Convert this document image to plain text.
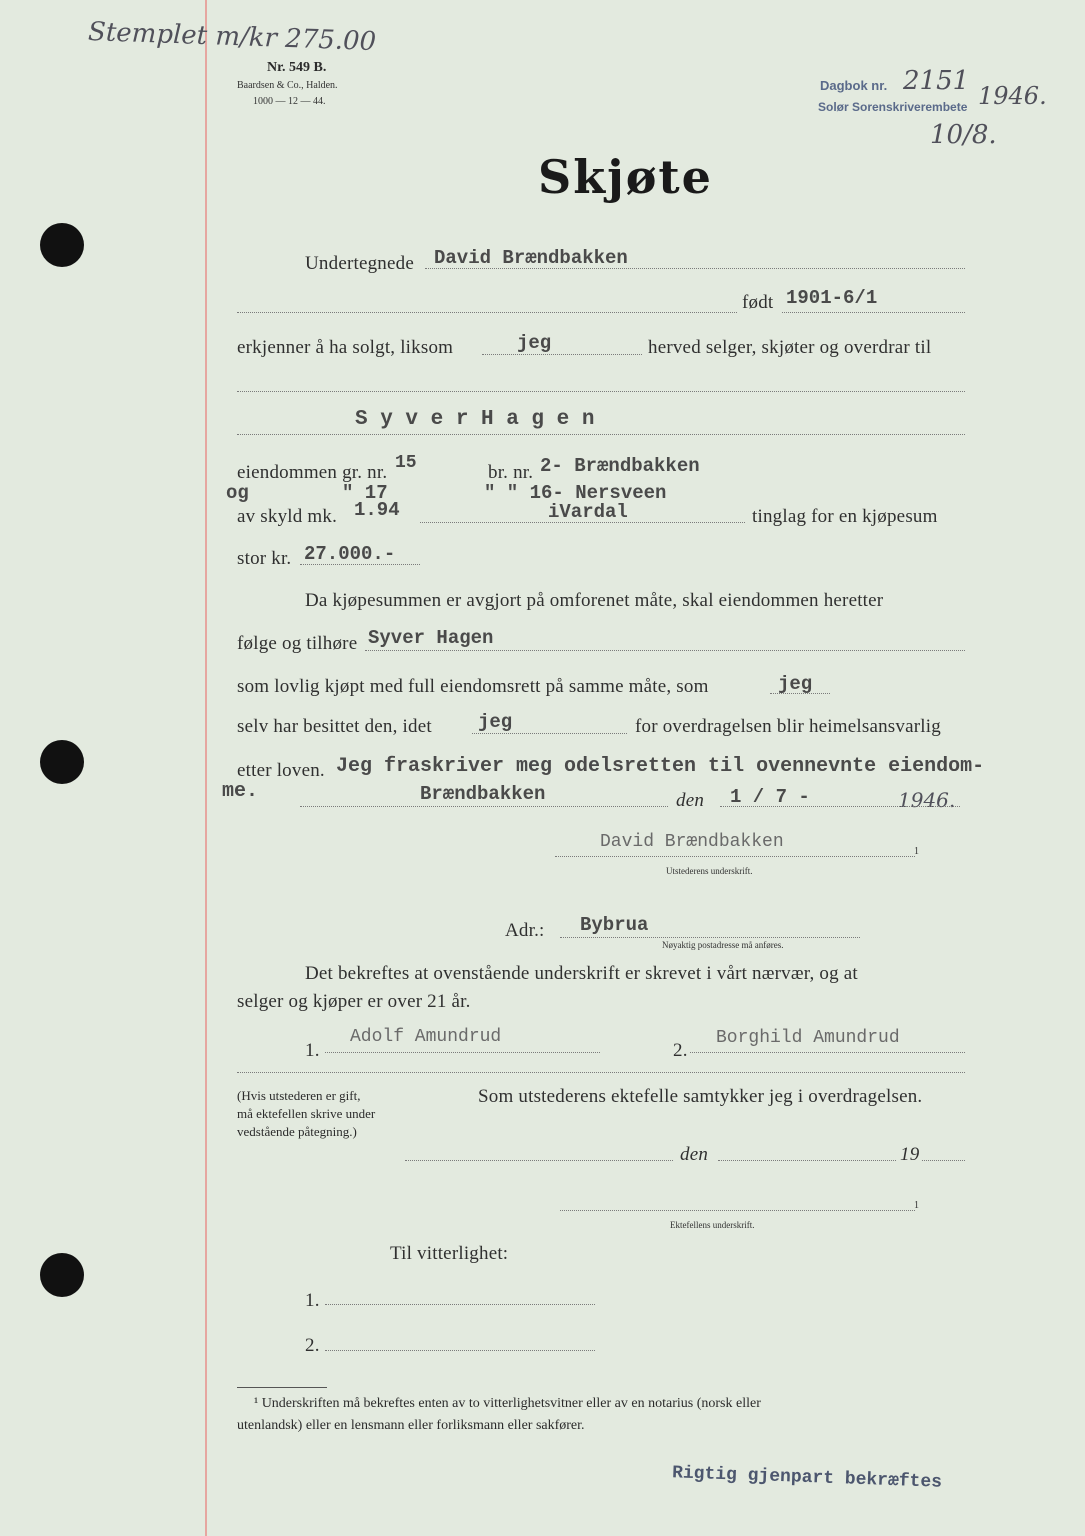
Stemplet m/kr 275.00
Nr. 549 B.
Baardsen & Co., Halden.
1000 — 12 — 44.
Dagbok nr. 2151 1946.
Solør Sorenskriverembete
10/8.
Skjøte
Undertegnede David Brændbakken
født 1901-6/1
erkjenner å ha solgt, liksom	jeg	herved selger, skjøter og overdrar til
S y v e r H a g e n
eiendommen gr. nr. 15	br. nr. 2- Brændbakken
og	" 17	" " 16- Nersveen
av skyld mk. 1.94	iVardal	tinglag for en kjøpesum
stor kr. 27.000.-
Da kjøpesummen er avgjort på omforenet måte, skal eiendommen heretter
følge og tilhøre Syver Hagen
som lovlig kjøpt med full eiendomsrett på samme måte, som	jeg
selv har besittet den, idet jeg	for overdragelsen blir heimelsansvarlig
etter loven. Jeg fraskriver meg odelsretten til ovennevnte eiendom-
me.	Brændbakken	den 1 / 7 -	1946.
David Brændbakken	1
Utstederens underskrift.
Adr.: Bybrua
Nøyaktig postadresse må anføres.
Det bekreftes at ovenstående underskrift er skrevet i vårt nærvær, og at
selger og kjøper er over 21 år.
1.
Adolf Amundrud
2.
Borghild Amundrud
(Hvis utstederen er gift,
må ektefellen skrive under
vedstående påtegning.)
Som utstederens ektefelle samtykker jeg i overdragelsen.
den	19
1
Ektefellens underskrift.
Til vitterlighet:
1.
2.
¹ Underskriften må bekreftes enten av to vitterlighetsvitner eller av en notarius (norsk eller
utenlandsk) eller en lensmann eller forliksmann eller sakfører.
Rigtig gjenpart bekræftes
